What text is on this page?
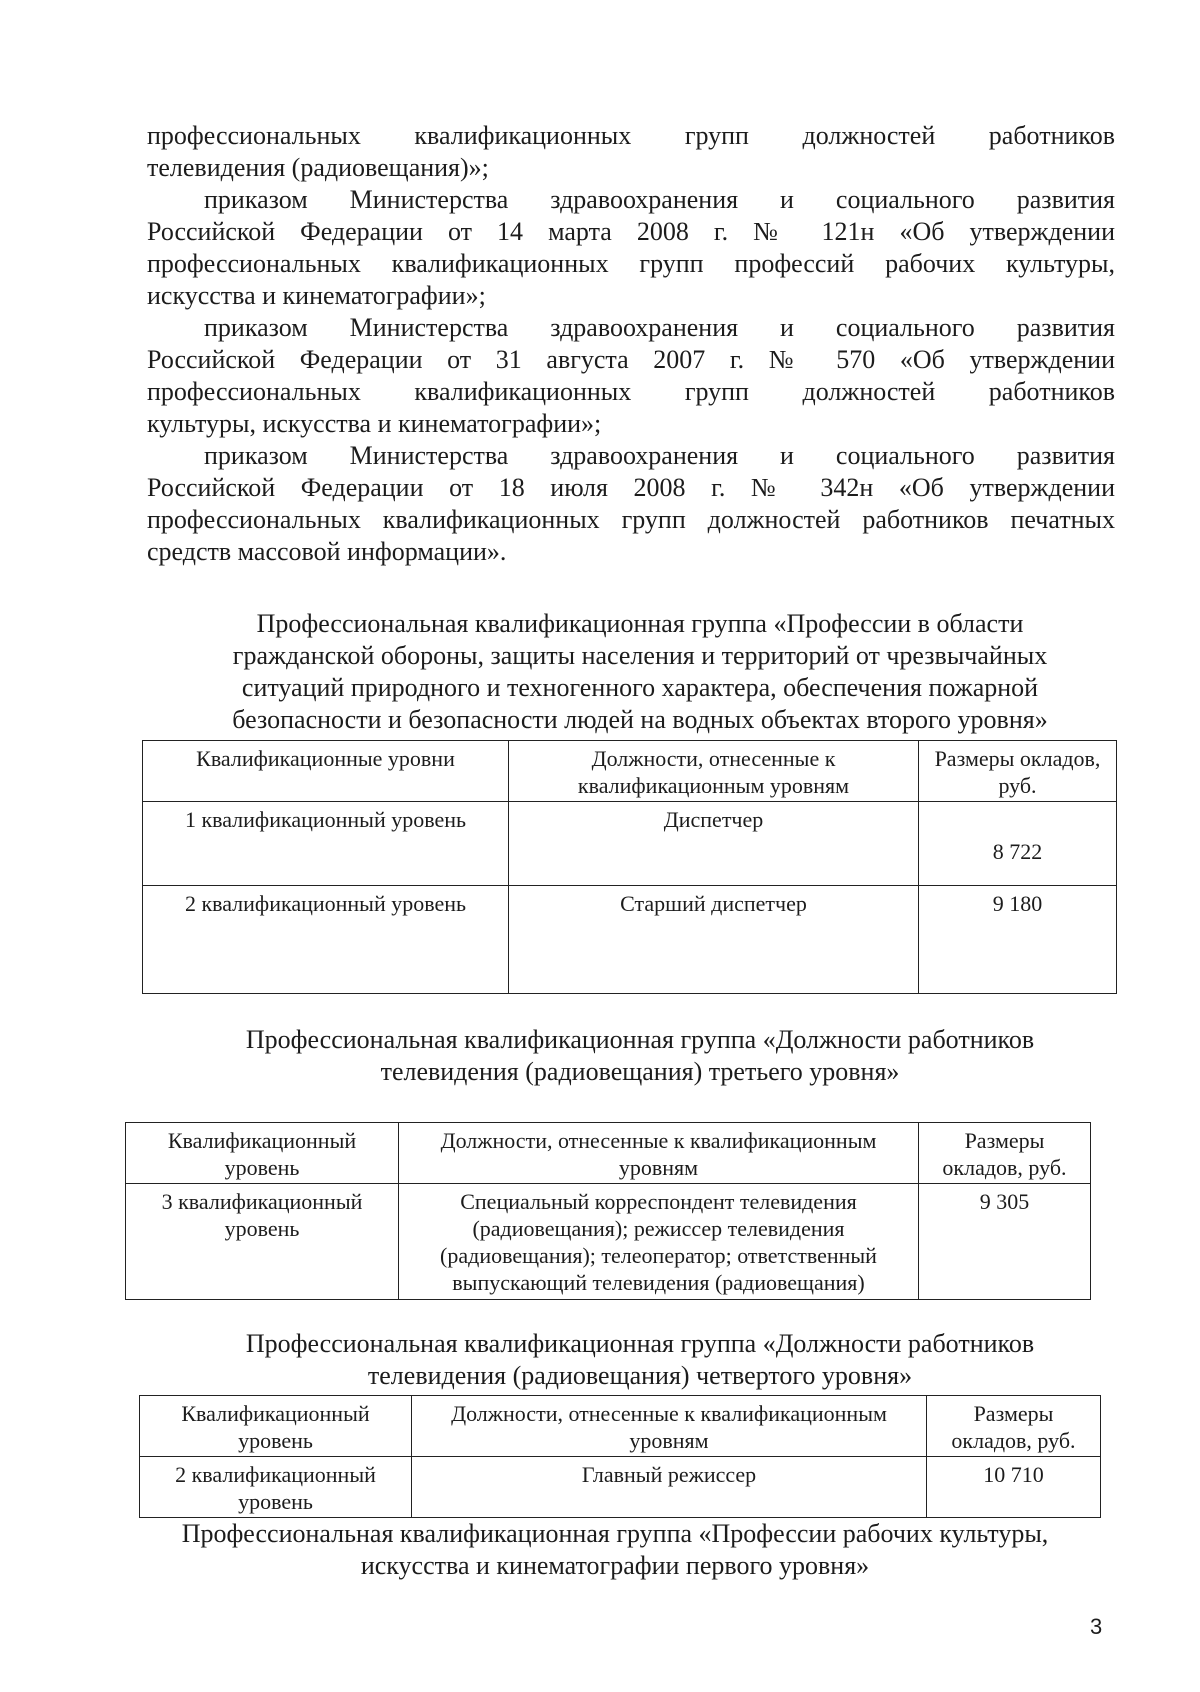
профессиональных квалификационных групп должностей работников
телевидения (радиовещания)»;
приказом Министерства здравоохранения и социального развития
Российской Федерации от 14 марта 2008 г. № 121н «Об утверждении
профессиональных квалификационных групп профессий рабочих культуры,
искусства и кинематографии»;
приказом Министерства здравоохранения и социального развития
Российской Федерации от 31 августа 2007 г. № 570 «Об утверждении
профессиональных квалификационных групп должностей работников
культуры, искусства и кинематографии»;
приказом Министерства здравоохранения и социального развития
Российской Федерации от 18 июля 2008 г. № 342н «Об утверждении
профессиональных квалификационных групп должностей работников печатных
средств массовой информации».
Профессиональная квалификационная группа «Профессии в области
гражданской обороны, защиты населения и территорий от чрезвычайных
ситуаций природного и техногенного характера, обеспечения пожарной
безопасности и безопасности людей на водных объектах второго уровня»
Квалификационные уровни	Должности, отнесенные к квалификационным уровням	Размеры окладов, руб.
1 квалификационный уровень	Диспетчер	8 722
2 квалификационный уровень	Старший диспетчер	9 180
Профессиональная квалификационная группа «Должности работников
телевидения (радиовещания) третьего уровня»
Квалификационный уровень	Должности, отнесенные к квалификационным уровням	Размеры окладов, руб.
3 квалификационный уровень	Специальный корреспондент телевидения (радиовещания); режиссер телевидения (радиовещания); телеоператор; ответственный выпускающий телевидения (радиовещания)	9 305
Профессиональная квалификационная группа «Должности работников
телевидения (радиовещания) четвертого уровня»
Квалификационный уровень	Должности, отнесенные к квалификационным уровням	Размеры окладов, руб.
2 квалификационный уровень	Главный режиссер	10 710
Профессиональная квалификационная группа «Профессии рабочих культуры,
искусства и кинематографии первого уровня»
3
